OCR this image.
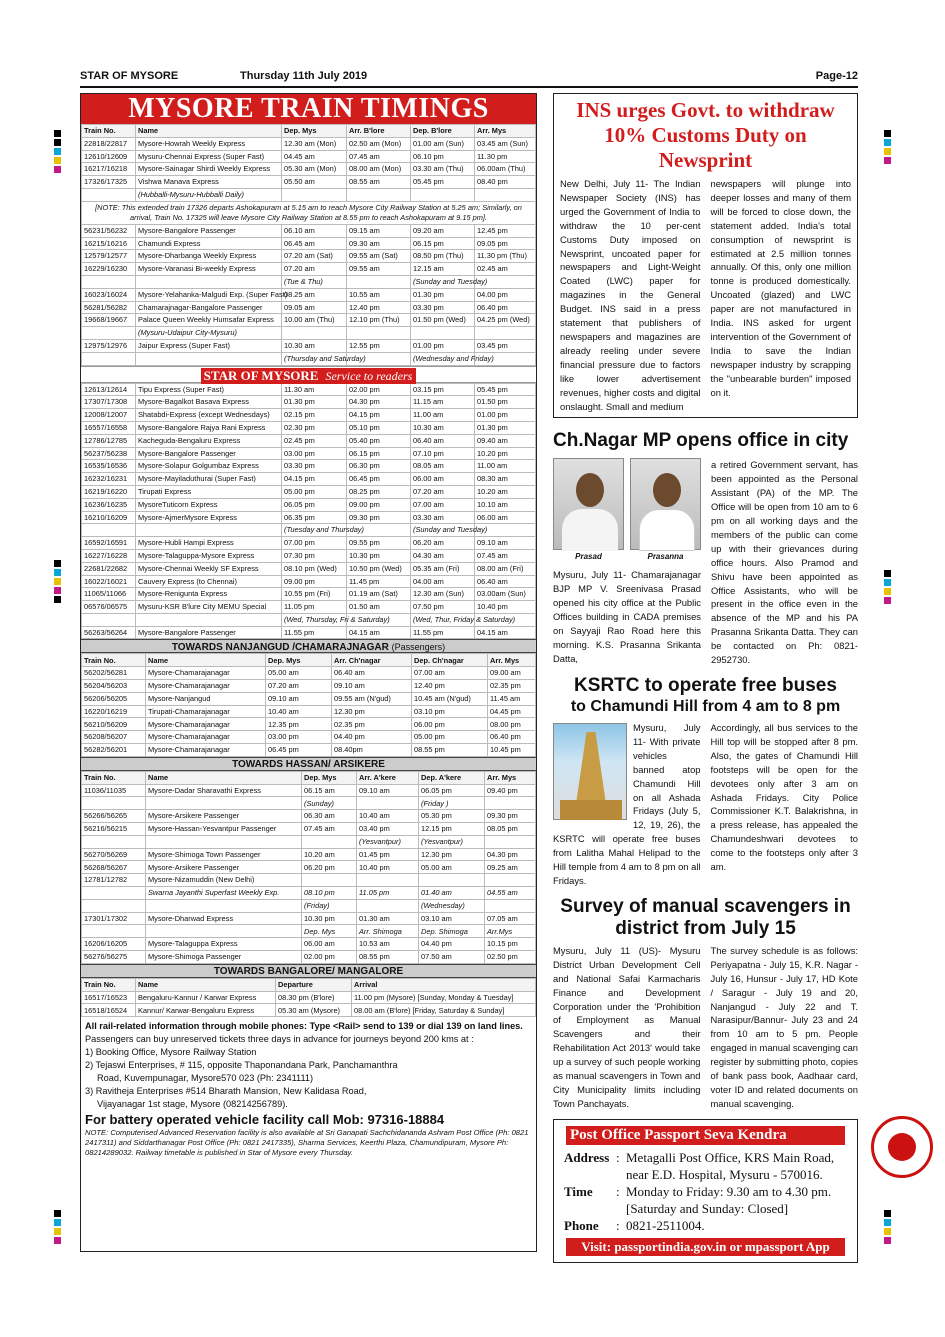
STAR OF MYSORE	Thursday 11th July 2019	Page-12
MYSORE TRAIN TIMINGS
Train No.	Name	Dep. Mys	Arr. B'lore	Dep. B'lore	Arr. Mys
22818/22817	Mysore-Howrah Weekly Express	12.30 am (Mon)	02.50 am (Mon)	01.00 am (Sun)	03.45 am (Sun)
12610/12609	Mysuru-Chennai Express (Super Fast)	04.45 am	07.45 am	06.10 pm	11.30 pm
16217/16218	Mysore-Sainagar Shirdi Weekly Express	05.30 am (Mon)	08.00 am (Mon)	03.30 am (Thu)	06.00am (Thu)
17326/17325	Vishwa Manava Express	05.50 am	08.55 am	05.45 pm	08.40 pm
	(Hubballi-Mysuru-Hubballi Daily)				
[NOTE: This extended train 17326 departs Ashokapuram at 5.15 am to reach Mysore City Railway Station at 5.25 am; Similarly, on arrival, Train No. 17325 will leave Mysore City Railway Station at 8.55 pm to reach Ashokapuram at 9.15 pm].					
56231/56232	Mysore-Bangalore Passenger	06.10 am	09.15 am	09.20 am	12.45 pm
16215/16216	Chamundi Express	06.45 am	09.30 am	06.15 pm	09.05 pm
12579/12577	Mysore-Dharbanga Weekly Express	07.20 am (Sat)	09.55 am (Sat)	08.50 pm (Thu)	11.30 pm (Thu)
16229/16230	Mysore-Varanasi Bi-weekly Express	07.20 am	09.55 am	12.15 am	02.45 am
		(Tue & Thu)		(Sunday and Tuesday)	
16023/16024	Mysore-Yelahanka-Malgudi Exp. (Super Fast)	08.25 am	10.55 am	01.30 pm	04.00 pm
56281/56282	Chamarajnagar-Bangalore Passenger	09.05 am	12.40 pm	03.30 pm	06.40 pm
19668/19667	Palace Queen Weekly Humsafar Express	10.00 am (Thu)	12.10 pm (Thu)	01.50 pm (Wed)	04.25 pm (Wed)
	(Mysuru-Udaipur City-Mysuru)				
12975/12976	Jaipur Express (Super Fast)	10.30 am	12.55 pm	01.00 pm	03.45 pm
		(Thursday and Saturday)		(Wednesday and Friday)	
STAR OF MYSORE Service to readers
12613/12614	Tipu Express (Super Fast)	11.30 am	02.00 pm	03.15 pm	05.45 pm
17307/17308	Mysore-Bagalkot Basava Express	01.30 pm	04.30 pm	11.15 am	01.50 pm
12008/12007	Shatabdi-Express (except Wednesdays)	02.15 pm	04.15 pm	11.00 am	01.00 pm
16557/16558	Mysore-Bangalore Rajya Rani Express	02.30 pm	05.10 pm	10.30 am	01.30 pm
12786/12785	Kacheguda-Bengaluru Express	02.45 pm	05.40 pm	06.40 am	09.40 am
56237/56238	Mysore-Bangalore Passenger	03.00 pm	06.15 pm	07.10 pm	10.20 pm
16535/16536	Mysore-Solapur Golgumbaz Express	03.30 pm	06.30 pm	08.05 am	11.00 am
16232/16231	Mysore-Mayiladuthurai (Super Fast)	04.15 pm	06.45 pm	06.00 am	08.30 am
16219/16220	Tirupati Express	05.00 pm	08.25 pm	07.20 am	10.20 am
16236/16235	MysoreTuticorn Express	06.05 pm	09.00 pm	07.00 am	10.10 am
16210/16209	Mysore-AjmerMysore Express	06.35 pm	09.30 pm	03.30 am	06.00 am
		(Tuesday and Thursday)		(Sunday and Tuesday)	
16592/16591	Mysore-Hubli Hampi Express	07.00 pm	09.55 pm	06.20 am	09.10 am
16227/16228	Mysore-Talaguppa-Mysore Express	07.30 pm	10.30 pm	04.30 am	07.45 am
22681/22682	Mysore-Chennai Weekly SF Express	08.10 pm (Wed)	10.50 pm (Wed)	05.35 am (Fri)	08.00 am (Fri)
16022/16021	Cauvery Express (to Chennai)	09.00 pm	11.45 pm	04.00 am	06.40 am
11065/11066	Mysore-Renigunta Express	10.55 pm (Fri)	01.19 am (Sat)	12.30 am (Sun)	03.00am (Sun)
06576/06575	Mysuru-KSR B'lure City MEMU Special	11.05 pm	01.50 am	07.50 pm	10.40 pm
		(Wed, Thursday, Fri & Saturday)		(Wed, Thur, Friday & Saturday)	
56263/56264	Mysore-Bangalore Passenger	11.55 pm	04.15 am	11.55 pm	04.15 am
TOWARDS NANJANGUD /CHAMARAJNAGAR (Passengers)
Train No.	Name	Dep. Mys	Arr. Ch'nagar	Dep. Ch'nagar	Arr. Mys
56202/56281	Mysore-Chamarajanagar	05.00 am	06.40 am	07.00 am	09.00 am
56204/56203	Mysore-Chamarajanagar	07.20 am	09.10 am	12.40 pm	02.35 pm
56206/56205	Mysore-Nanjangud	09.10 am	09.55 am (N'gud)	10.45 am (N'gud)	11.45 am
16220/16219	Tirupati-Chamarajanagar	10.40 am	12.30 pm	03.10 pm	04.45 pm
56210/56209	Mysore-Chamarajanagar	12.35 pm	02.35 pm	06.00 pm	08.00 pm
56208/56207	Mysore-Chamarajanagar	03.00 pm	04.40 pm	05.00 pm	06.40 pm
56282/56201	Mysore-Chamarajanagar	06.45 pm	08.40pm	08.55 pm	10.45 pm
TOWARDS HASSAN/ ARSIKERE
Train No.	Name	Dep. Mys	Arr. A'kere	Dep. A'kere	Arr. Mys
11036/11035	Mysore-Dadar Sharavathi Express	06.15 am	09.10 am	06.05 pm	09.40 pm
		(Sunday)		(Friday )	
56266/56265	Mysore-Arsikere Passenger	06.30 am	10.40 am	05.30 pm	09.30 pm
56216/56215	Mysore-Hassan-Yesvantpur Passenger	07.45 am	03.40 pm	12.15 pm	08.05 pm
			(Yesvantpur)	(Yesvantpur)	
56270/56269	Mysore-Shimoga Town Passenger	10.20 am	01.45 pm	12.30 pm	04.30 pm
56268/56267	Mysore-Arsikere Passenger	06.20 pm	10.40 pm	05.00 am	09.25 am
12781/12782	Mysore-Nizamuddin (New Delhi)				
	Swarna Jayanthi Superfast Weekly Exp.	08.10 pm	11.05 pm	01.40 am	04.55 am
		(Friday)		(Wednesday)	
17301/17302	Mysore-Dharwad Express	10.30 pm	01.30 am	03.10 am	07.05 am
		Dep. Mys	Arr. Shimoga	Dep. Shimoga	Arr.Mys
16206/16205	Mysore-Talaguppa Express	06.00 am	10.53 am	04.40 pm	10.15 pm
56276/56275	Mysore-Shimoga Passenger	02.00 pm	08.55 pm	07.50 am	02.50 pm
TOWARDS BANGALORE/ MANGALORE
Train No.	Name	Departure	Arrival
16517/16523	Bengaluru-Kannur / Karwar Express	08.30 pm (B'lore)	11.00 pm (Mysore) [Sunday, Monday & Tuesday]
16518/16524	Kannur/ Karwar-Bengaluru Express	05.30 am (Mysore)	08.00 am (B'lore) [Friday, Saturday & Sunday]
All rail-related information through mobile phones: Type <Rail> send to 139 or dial 139 on land lines.
Passengers can buy unreserved tickets three days in advance for journeys beyond 200 kms at :
1) Booking Office, Mysore Railway Station
2) Tejaswi Enterprises, # 115, opposite Thaponandana Park, Panchamanthra
Road, Kuvempunagar, Mysore570 023 (Ph: 2341111)
3) Ravitheja Enterprises #514 Bharath Mansion, New Kalidasa Road,
Vijayanagar 1st stage, Mysore (08214256789).
For battery operated vehicle facility call Mob: 97316-18884
NOTE: Computerised Advanced Reservation facility is also available at Sri Ganapati Sachchidananda Ashram Post Office (Ph: 0821 2417311) and Siddarthanagar Post Office (Ph: 0821 2417335), Sharma Services, Keerthi Plaza, Chamundipuram, Mysore Ph: 08214289032. Railway timetable is published in Star of Mysore every Thursday.
INS urges Govt. to withdraw 10% Customs Duty on Newsprint
New Delhi, July 11- The Indian Newspaper Society (INS) has urged the Government of India to withdraw the 10 per-cent Customs Duty imposed on Newsprint, uncoated paper for newspapers and Light-Weight Coated (LWC) paper for magazines in the General Budget. INS said in a press statement that publishers of newspapers and magazines are already reeling under severe financial pressure due to factors like lower advertisement revenues, higher costs and digital onslaught. Small and medium
newspapers will plunge into deeper losses and many of them will be forced to close down, the statement added. India's total consumption of newsprint is estimated at 2.5 million tonnes annually. Of this, only one million tonne is produced domestically. Uncoated (glazed) and LWC paper are not manufactured in India. INS asked for urgent intervention of the Government of India to save the Indian newspaper industry by scrapping the "unbearable burden" imposed on it.
Ch.Nagar MP opens office in city
Prasad	Prasanna
Mysuru, July 11- Chamarajanagar BJP MP V. Sreenivasa Prasad opened his city office at the Public Offices building in CADA premises on Sayyaji Rao Road here this morning. K.S. Prasanna Srikanta Datta,
a retired Government servant, has been appointed as the Personal Assistant (PA) of the MP. The Office will be open from 10 am to 6 pm on all working days and the members of the public can come up with their grievances during office hours. Also Pramod and Shivu have been appointed as Office Assistants, who will be present in the office even in the absence of the MP and his PA Prasanna Srikanta Datta. They can be contacted on Ph: 0821-2952730.
KSRTC to operate free buses
to Chamundi Hill from 4 am to 8 pm
Mysuru, July 11- With private vehicles banned atop Chamundi Hill on all Ashada Fridays (July 5, 12, 19, 26), the KSRTC will operate free buses from Lalitha Mahal Helipad to the Hill temple from 4 am to 8 pm on all Fridays.
Accordingly, all bus services to the Hill top will be stopped after 8 pm. Also, the gates of Chamundi Hill footsteps will be open for the devotees only after 3 am on Ashada Fridays. City Police Commissioner K.T. Balakrishna, in a press release, has appealed the Chamundeshwari devotees to come to the footsteps only after 3 am.
Survey of manual scavengers in district from July 15
Mysuru, July 11 (US)- Mysuru District Urban Development Cell and National Safai Karmacharis Finance and Development Corporation under the 'Prohibition of Employment as Manual Scavengers and their Rehabilitation Act 2013' would take up a survey of such people working as manual scavengers in Town and City Municipality limits including Town Panchayats.
The survey schedule is as follows: Periyapatna - July 15, K.R. Nagar - July 16, Hunsur - July 17, HD Kote / Saragur - July 19 and 20, Nanjangud - July 22 and T. Narasipur/Bannur- July 23 and 24 from 10 am to 5 pm. People engaged in manual scavenging can register by submitting photo, copies of bank pass book, Aadhaar card, voter ID and related documents on manual scavenging.
Post Office Passport Seva Kendra
Address : Metagalli Post Office, KRS Main Road,
near E.D. Hospital, Mysuru - 570016.
Time	: Monday to Friday: 9.30 am to 4.30 pm.
[Saturday and Sunday: Closed]
Phone	: 0821-2511004.
Visit: passportindia.gov.in or mpassport App
